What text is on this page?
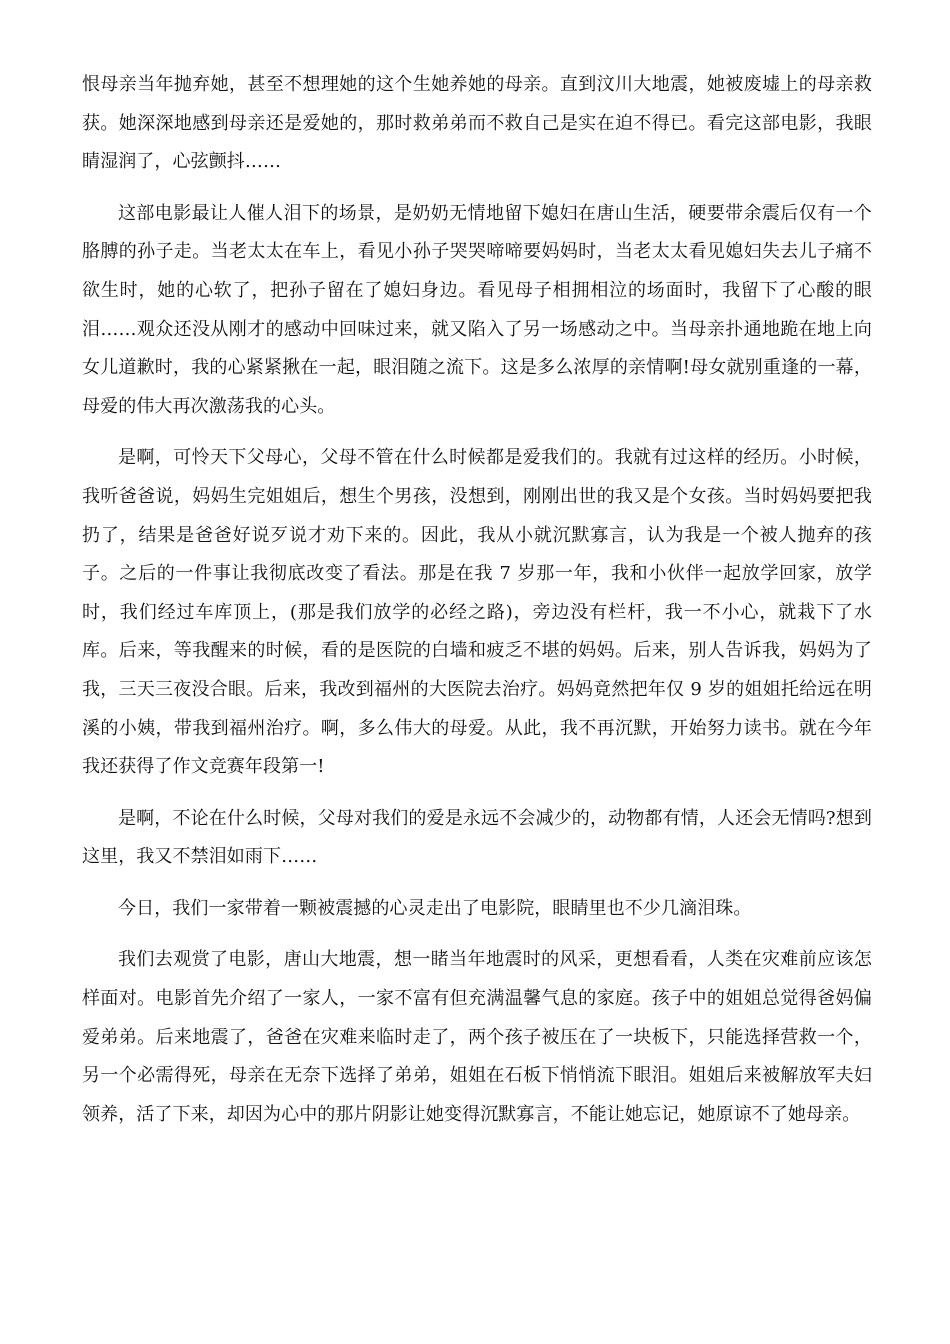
恨母亲当年抛弃她，甚至不想理她的这个生她养她的母亲。直到汶川大地震，她被废墟上的母亲救获。她深深地感到母亲还是爱她的，那时救弟弟而不救自己是实在迫不得已。看完这部电影，我眼睛湿润了，心弦颤抖……

这部电影最让人催人泪下的场景，是奶奶无情地留下媳妇在唐山生活，硬要带余震后仅有一个胳膊的孙子走。当老太太在车上，看见小孙子哭哭啼啼要妈妈时，当老太太看见媳妇失去儿子痛不欲生时，她的心软了，把孙子留在了媳妇身边。看见母子相拥相泣的场面时，我留下了心酸的眼泪……观众还没从刚才的感动中回味过来，就又陷入了另一场感动之中。当母亲扑通地跪在地上向女儿道歉时，我的心紧紧揪在一起，眼泪随之流下。这是多么浓厚的亲情啊!母女就别重逢的一幕，母爱的伟大再次激荡我的心头。

是啊，可怜天下父母心，父母不管在什么时候都是爱我们的。我就有过这样的经历。小时候，我听爸爸说，妈妈生完姐姐后，想生个男孩，没想到，刚刚出世的我又是个女孩。当时妈妈要把我扔了，结果是爸爸好说歹说才劝下来的。因此，我从小就沉默寡言，认为我是一个被人抛弃的孩子。之后的一件事让我彻底改变了看法。那是在我 7 岁那一年，我和小伙伴一起放学回家，放学时，我们经过车库顶上，(那是我们放学的必经之路)，旁边没有栏杆，我一不小心，就栽下了水库。后来，等我醒来的时候，看的是医院的白墙和疲乏不堪的妈妈。后来，别人告诉我，妈妈为了我，三天三夜没合眼。后来，我改到福州的大医院去治疗。妈妈竟然把年仅 9 岁的姐姐托给远在明溪的小姨，带我到福州治疗。啊，多么伟大的母爱。从此，我不再沉默，开始努力读书。就在今年我还获得了作文竞赛年段第一!

是啊，不论在什么时候，父母对我们的爱是永远不会减少的，动物都有情，人还会无情吗?想到这里，我又不禁泪如雨下……

今日，我们一家带着一颗被震撼的心灵走出了电影院，眼睛里也不少几滴泪珠。

我们去观赏了电影，唐山大地震，想一睹当年地震时的风采，更想看看，人类在灾难前应该怎样面对。电影首先介绍了一家人，一家不富有但充满温馨气息的家庭。孩子中的姐姐总觉得爸妈偏爱弟弟。后来地震了，爸爸在灾难来临时走了，两个孩子被压在了一块板下，只能选择营救一个，另一个必需得死，母亲在无奈下选择了弟弟，姐姐在石板下悄悄流下眼泪。姐姐后来被解放军夫妇领养，活了下来，却因为心中的那片阴影让她变得沉默寡言，不能让她忘记，她原谅不了她母亲。
